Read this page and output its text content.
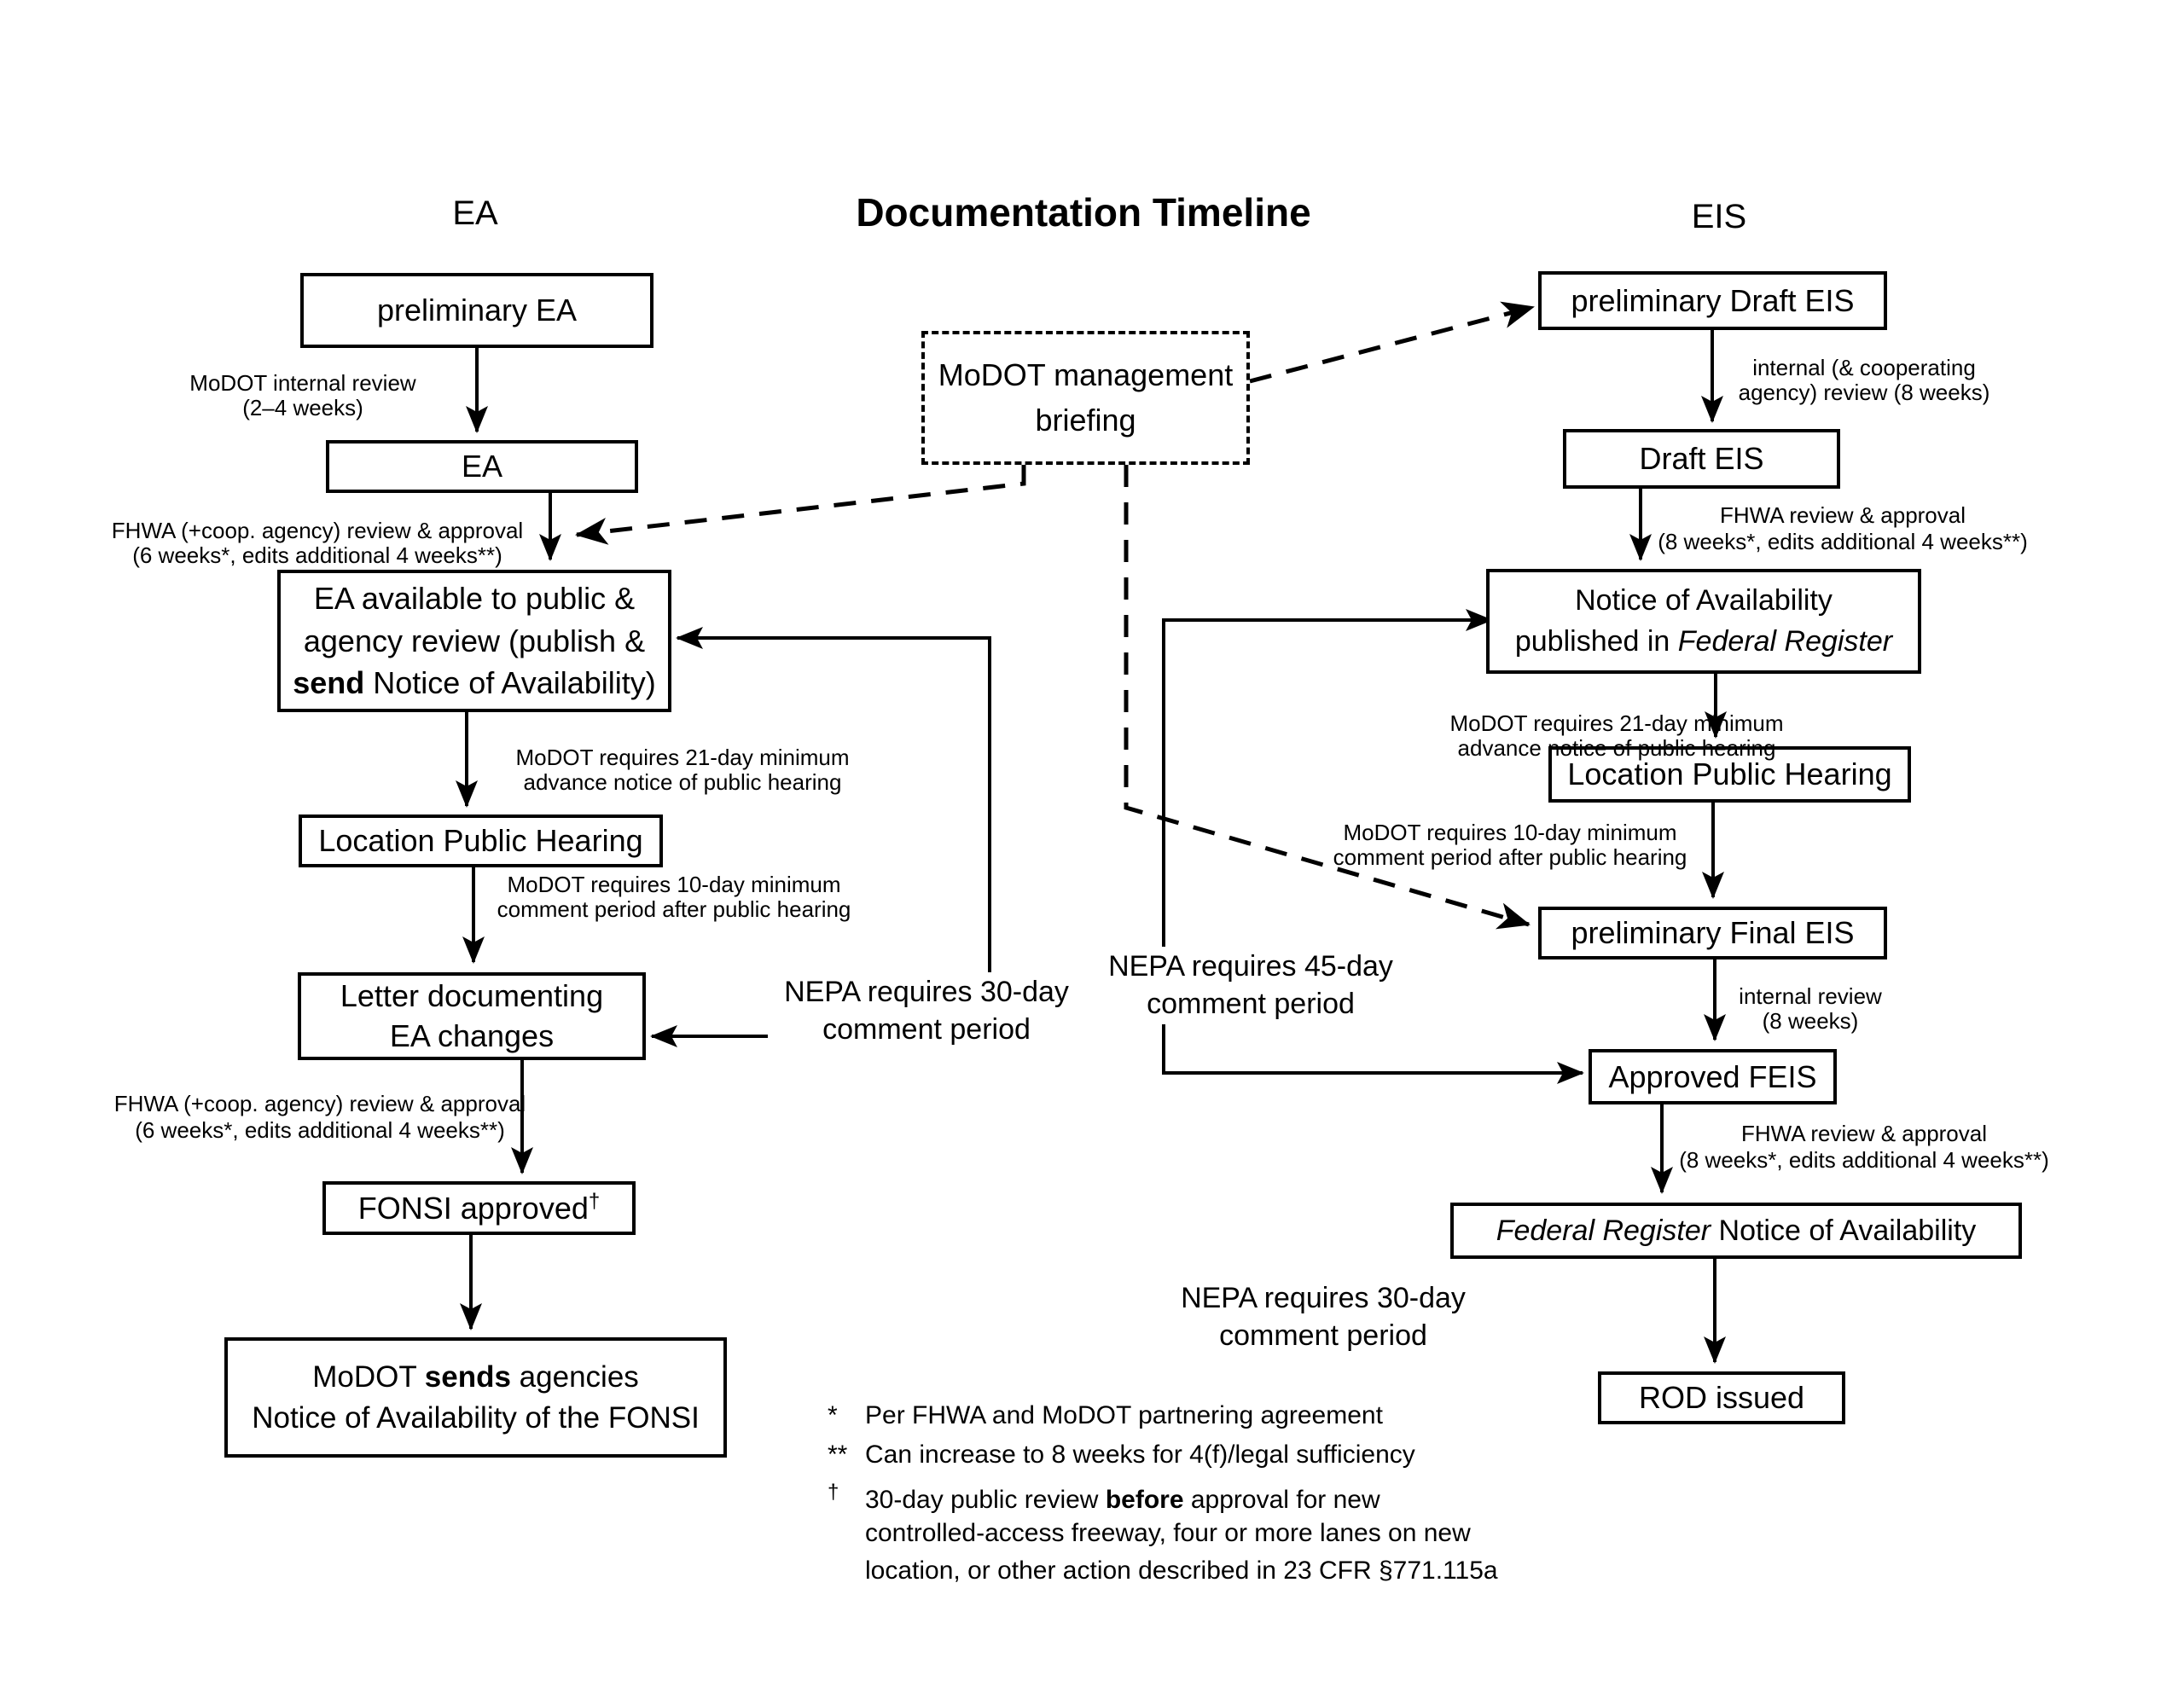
EA	Documentation Timeline	EIS
preliminary EA
EA
EA available to public &
agency review (publish &
send Notice of Availability)
Location Public Hearing
Letter documenting
EA changes
FONSI approved†
MoDOT sends agencies
Notice of Availability of the FONSI
MoDOT management
briefing
preliminary Draft EIS
Draft EIS
Notice of Availability
published in Federal Register
Location Public Hearing
preliminary Final EIS
Approved FEIS
Federal Register Notice of Availability
ROD issued
MoDOT internal review
(2–4 weeks)
FHWA (+coop. agency) review & approval
(6 weeks*, edits additional 4 weeks**)
MoDOT requires 21-day minimum
advance notice of public hearing
MoDOT requires 10-day minimum
comment period after public hearing
FHWA (+coop. agency) review & approval
(6 weeks*, edits additional 4 weeks**)
NEPA requires 30-day
comment period
NEPA requires 45-day
comment period
NEPA requires 30-day
comment period
internal (& cooperating
agency) review (8 weeks)
FHWA review & approval
(8 weeks*, edits additional 4 weeks**)
MoDOT requires 21-day minimum
advance notice of public hearing
MoDOT requires 10-day minimum
comment period after public hearing
internal review
(8 weeks)
FHWA review & approval
(8 weeks*, edits additional 4 weeks**)
* Per FHWA and MoDOT partnering agreement
** Can increase to 8 weeks for 4(f)/legal sufficiency
† 30-day public review before approval for new
controlled-access freeway, four or more lanes on new
location, or other action described in 23 CFR §771.115a
